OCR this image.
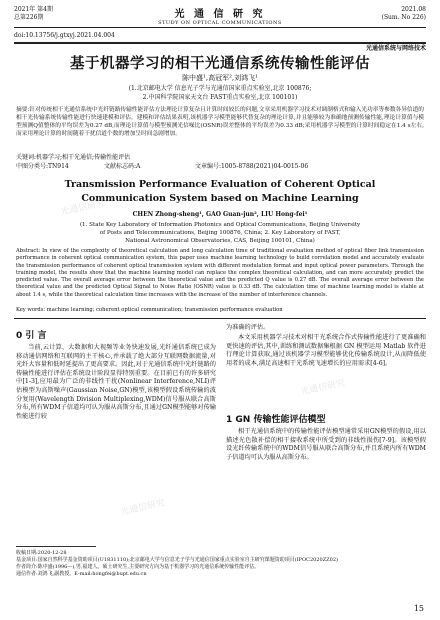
2021年 第4期
总第226期	光 通 信 研 究
STUDY ON OPTICAL COMMUNICATIONS
2021.08
(Sum. No 226)
doi:10.13756/j.gtxyj.2021.04.004
光通信系统与网络技术
基于机器学习的相干光通信系统传输性能评估
陈中盛¹,高冠军²,刘鸿飞¹
(1.北京邮电大学 信息光子学与光通信国家重点实验室,北京 100876;
2.中国科学院国家天文台 FAST重点实验室,北京 100101)

摘要:针对传统相干光通信系统中光纤链路传输性能评估方法理论计算复杂且计算时间较长的问题,文章采用机器学习技术对调制格式和输入光功率等参数各异信道的相干光传输系统传输性能进行快速建模和评估。建模和评估结果表明,该机器学习模型能够代替复杂的理论计算,并且能够较为准确地预测传输性能,理论计算值与模型预测Q值整体的平均误差为0.27 dB,而理论计算值与模型预测光信噪比(OSNR)误差整体的平均误差为0.33 dB;采用机器学习模型的计算时间稳定在1.4 s左右,而采用理论计算的时间随着干扰信道个数的增加呈时间急剧增加。

关键词:机器学习;相干光通信;传输性能评估
中图分类号:TN914	文献标志码:A	文章编号:1005-8788(2021)04-0015-06
Transmission Performance Evaluation of Coherent Optical
Communication System based on Machine Learning
CHEN Zhong-sheng¹, GAO Guan-jun², LIU Hong-fei¹
(1. State Key Laboratory of Information Photonics and Optical Communications, Beijing University
of Posts and Telecommunications, Beijing 100876, China; 2. Key Laboratory of FAST,
National Astronomical Observatories, CAS, Beijing 100101, China)

Abstract: In view of the complexity of theoretical calculation and long calculation time of traditional evaluation method of optical fiber link transmission performance in coherent optical communication system, this paper uses machine learning technology to build correlation model and accurately evaluate the transmission performance of coherent optical transmission system with different modulation format and input optical power parameters. Through the training model, the results show that the machine learning model can replace the complex theoretical calculation, and can more accurately predict the predicted value. The overall average error between the theoretical value and the predicted Q value is 0.27 dB. The overall average error between the theoretical value and the predicted Optical Signal to Noise Ratio (OSNR) value is 0.33 dB. The calculation time of machine learning model is stable at about 1.4 s, while the theoretical calculation time increases with the increase of the number of interference channels.

Key words: machine learning; coherent optical communication; transmission performance evaluation
0 引 言

当前,云计算、大数据和大视频等业务快速发展,光纤通信系统已成为移动通信网络和互联网的主干核心,并承载了绝大部分互联网数据流量,对光纤大容量和低时延提出了更高要求。因此,对于光通信系统中光纤链路的传输性能进行评估在系统设计阶段显得特别重要。在目前已有的许多研究中[1-3],应用最为广泛的非线性干扰(Nonlinear Interference,NLI)评估模型为高斯噪声(Gaussian Noise,GN)模型,该模型假设系统传输的波分复用(Wavelength Division Multiplexing,WDM)信号服从联合高斯分布,所有WDM子信道均可认为服从高斯分布,且通过GN模型能够对传输性能进行较

为准确的评估。

本文采用机器学习技术对相干光系统合作式传输性能进行了更准确和更快速的评估,其中,训练和测试数据集根据 GN 模型运用 Matlab 软件进行理论计算获取,通过该机器学习模型能够优化传输系统设计,从而降低使用者的成本,满足高速相干光系统飞速增长的应用需求[4-6]。

1 GN 传输性能评估模型

相干光通信系统中的传输性能评估模型通常采用GN模型的假设,用以描述光色散补偿的相干接收系统中所受到的非线性损伤[7-9]。该模型假设光纤传输系统中的WDM信号服从联合高斯分布,并且系统内所有WDM子信道均可认为服从高斯分布。

收稿日期:2020-12-28
基金项目:国家自然科学基金资助项目(U1831110);北京邮电大学与信息光子学与光通信国家重点实验室自主研究课题资助项目(IPOC2020ZZ02)
作者简介:陈中盛(1996—),男,福建人。硕士研究生,主要研究方向为基于机器学习的光通信系统传输性能评估。
通信作者:刘鸿飞,副教授。E-mail:hongfei@bupt.edu.cn
15
光通信研究
光通信研究
光通信研究
